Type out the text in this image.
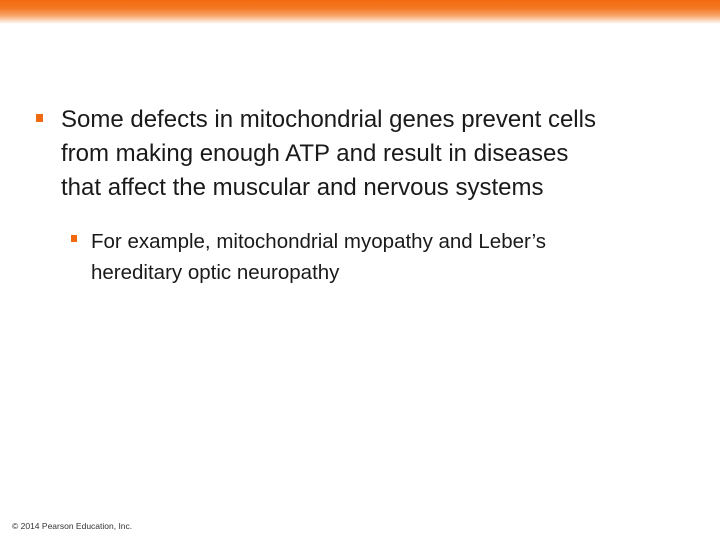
Some defects in mitochondrial genes prevent cells
from making enough ATP and result in diseases
that affect the muscular and nervous systems
For example, mitochondrial myopathy and Leber’s
hereditary optic neuropathy
© 2014 Pearson Education, Inc.
